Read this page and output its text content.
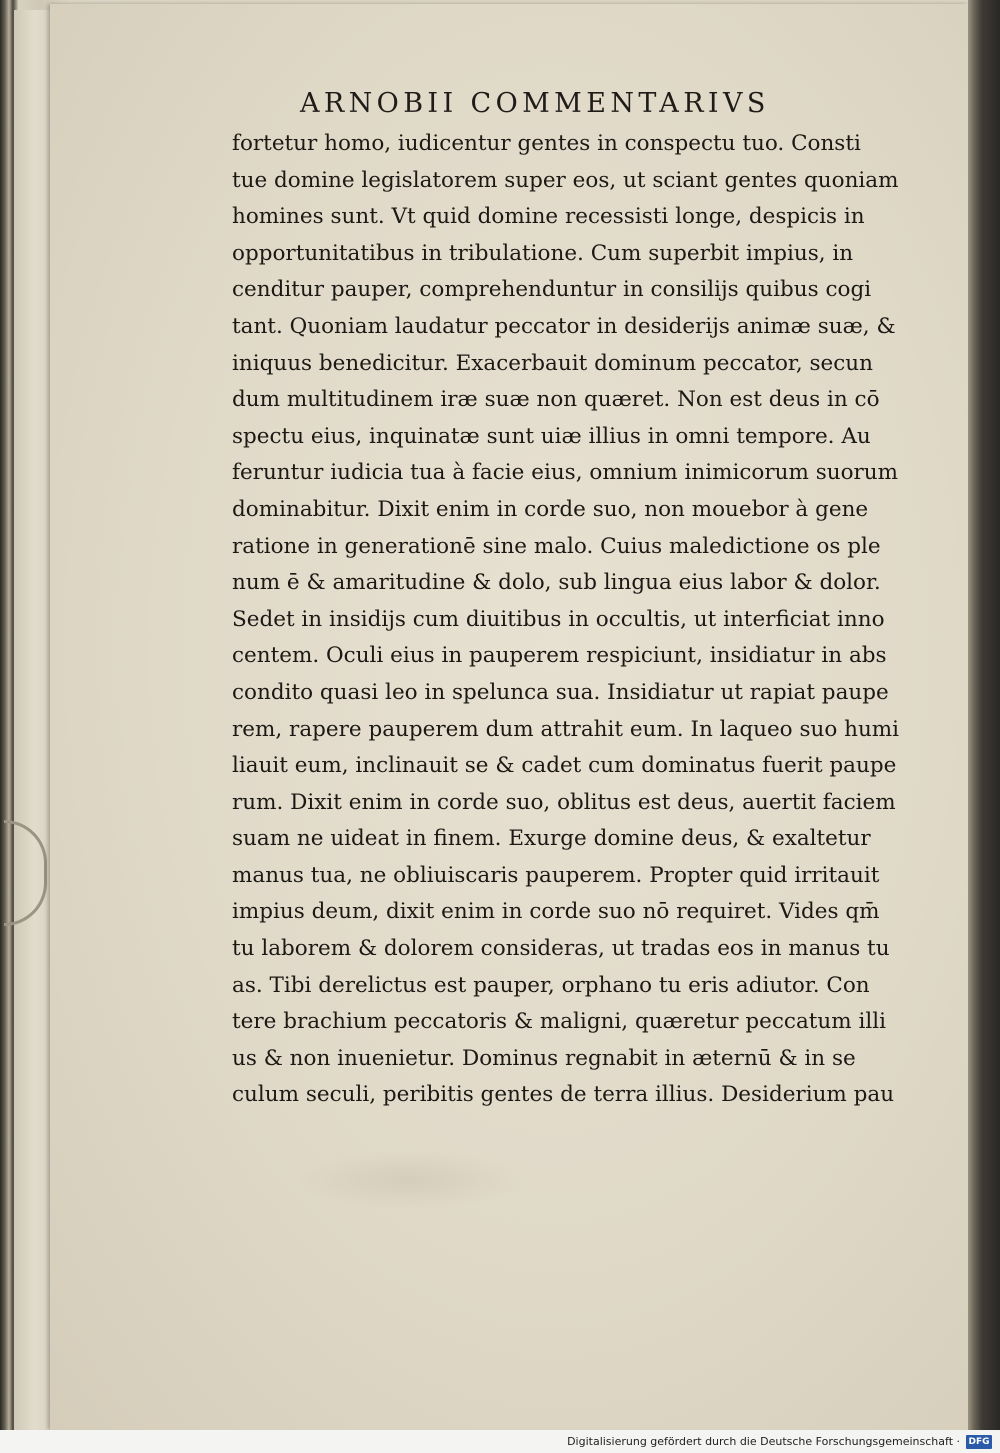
ARNOBII COMMENTARIVS
fortetur homo, iudicentur gentes in conspectu tuo. Consti
tue domine legislatorem super eos, ut sciant gentes quoniam
homines sunt. Vt quid domine recessisti longe, despicis in
opportunitatibus in tribulatione. Cum superbit impius, in
cenditur pauper, comprehenduntur in consilijs quibus cogi
tant. Quoniam laudatur peccator in desiderijs animæ suæ, &
iniquus benedicitur. Exacerbauit dominum peccator, secun
dum multitudinem iræ suæ non quæret. Non est deus in cō
spectu eius, inquinatæ sunt uiæ illius in omni tempore. Au
feruntur iudicia tua à facie eius, omnium inimicorum suorum
dominabitur. Dixit enim in corde suo, non mouebor à gene
ratione in generationē sine malo. Cuius maledictione os ple
num ē & amaritudine & dolo, sub lingua eius labor & dolor.
Sedet in insidijs cum diuitibus in occultis, ut interficiat inno
centem. Oculi eius in pauperem respiciunt, insidiatur in abs
condito quasi leo in spelunca sua. Insidiatur ut rapiat paupe
rem, rapere pauperem dum attrahit eum. In laqueo suo humi
liauit eum, inclinauit se & cadet cum dominatus fuerit paupe
rum. Dixit enim in corde suo, oblitus est deus, auertit faciem
suam ne uideat in finem. Exurge domine deus, & exaltetur
manus tua, ne obliuiscaris pauperem. Propter quid irritauit
impius deum, dixit enim in corde suo nō requiret. Vides qm̄
tu laborem & dolorem consideras, ut tradas eos in manus tu
as. Tibi derelictus est pauper, orphano tu eris adiutor. Con
tere brachium peccatoris & maligni, quæretur peccatum illi
us & non inuenietur. Dominus regnabit in æternū & in se
culum seculi, peribitis gentes de terra illius. Desiderium pau
Digitalisierung gefördert durch die Deutsche Forschungsgemeinschaft · DFG
